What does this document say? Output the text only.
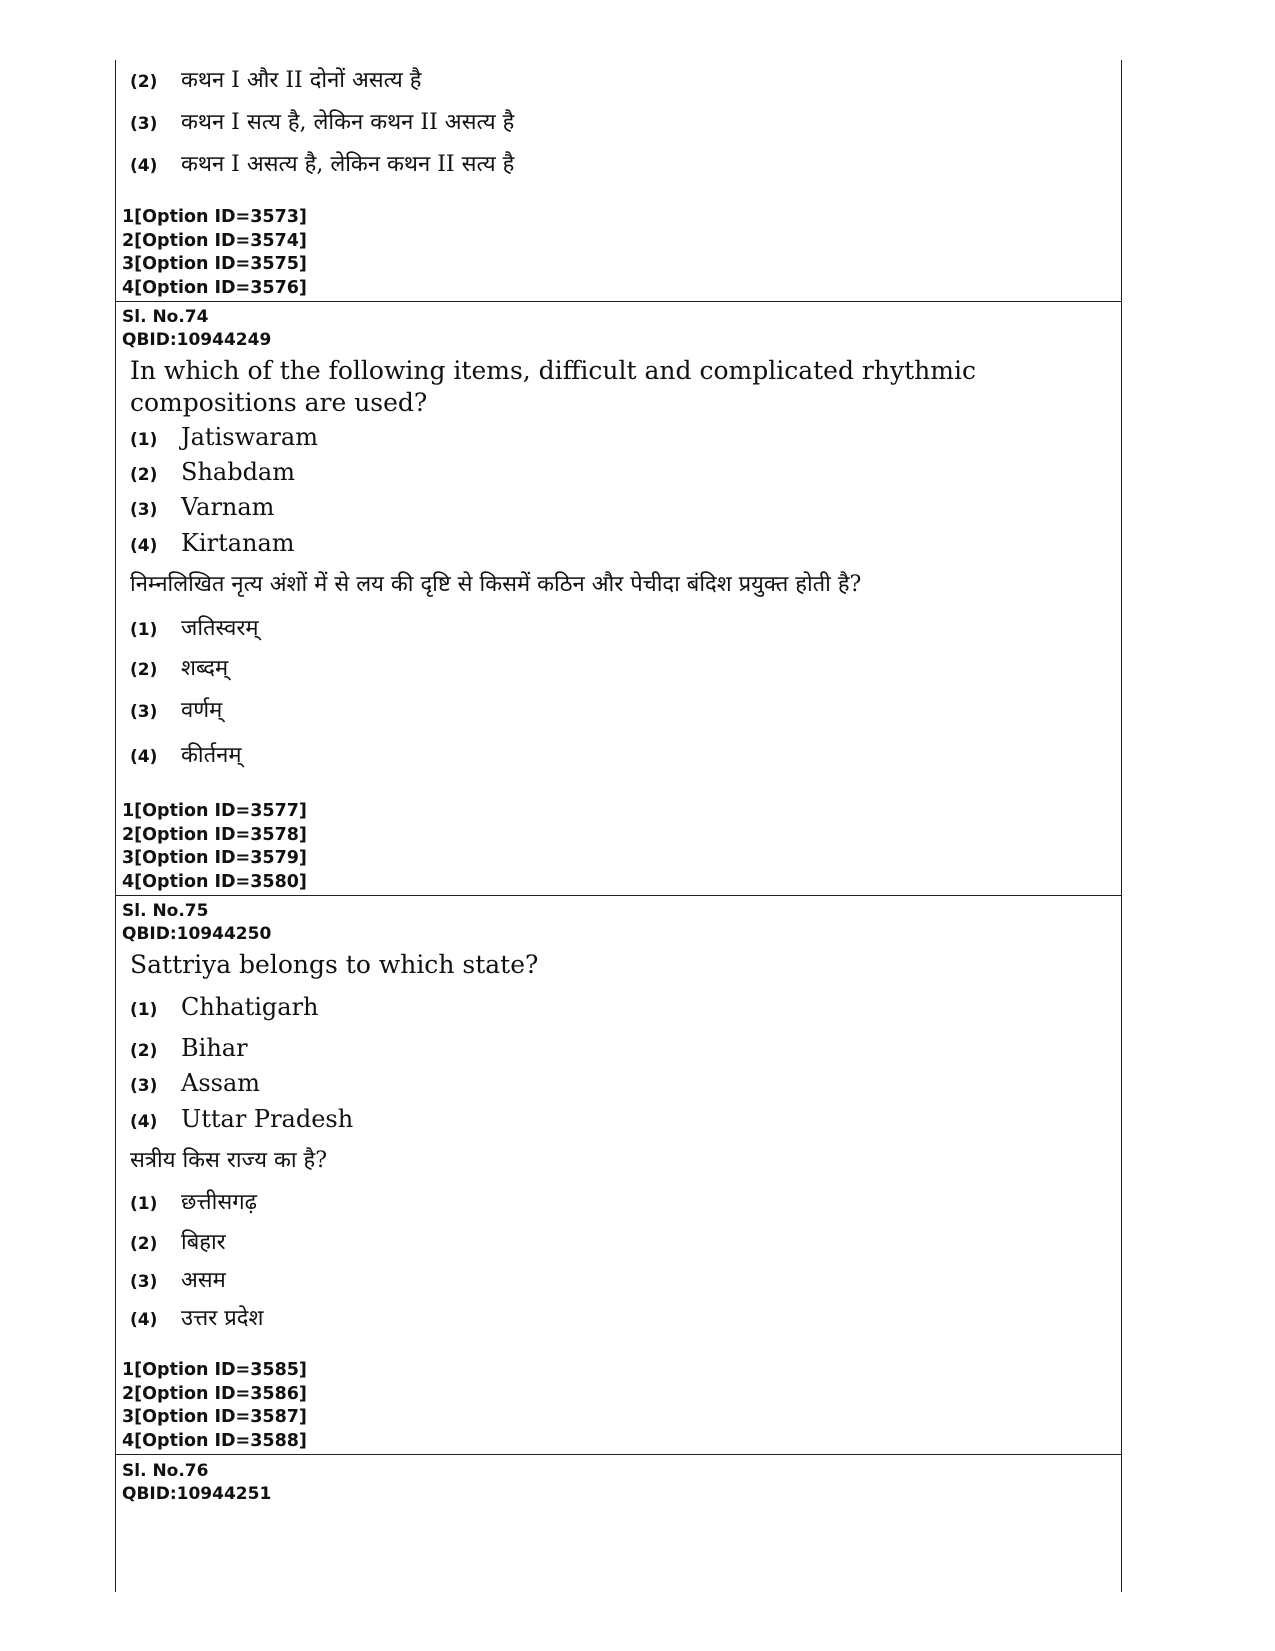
(2)	कथन I और II दोनों असत्य है
(3)	कथन I सत्य है, लेकिन कथन II असत्य है
(4)	कथन I असत्य है, लेकिन कथन II सत्य है
1[Option ID=3573]
2[Option ID=3574]
3[Option ID=3575]
4[Option ID=3576]
Sl. No.74
QBID:10944249
In which of the following items, difficult and complicated rhythmic compositions are used?
(1) Jatiswaram
(2) Shabdam
(3) Varnam
(4) Kirtanam
निम्नलिखित नृत्य अंशों में से लय की दृष्टि से किसमें कठिन और पेचीदा बंदिश प्रयुक्त होती है?
(1)	जतिस्वरम्
(2)	शब्दम्
(3)	वर्णम्
(4)	कीर्तनम्
1[Option ID=3577]
2[Option ID=3578]
3[Option ID=3579]
4[Option ID=3580]
Sl. No.75
QBID:10944250
Sattriya belongs to which state?
(1) Chhatigarh
(2) Bihar
(3) Assam
(4) Uttar Pradesh
सत्रीय किस राज्य का है?
(1)	छत्तीसगढ़
(2)	बिहार
(3)	असम
(4)	उत्तर प्रदेश
1[Option ID=3585]
2[Option ID=3586]
3[Option ID=3587]
4[Option ID=3588]
Sl. No.76
QBID:10944251
